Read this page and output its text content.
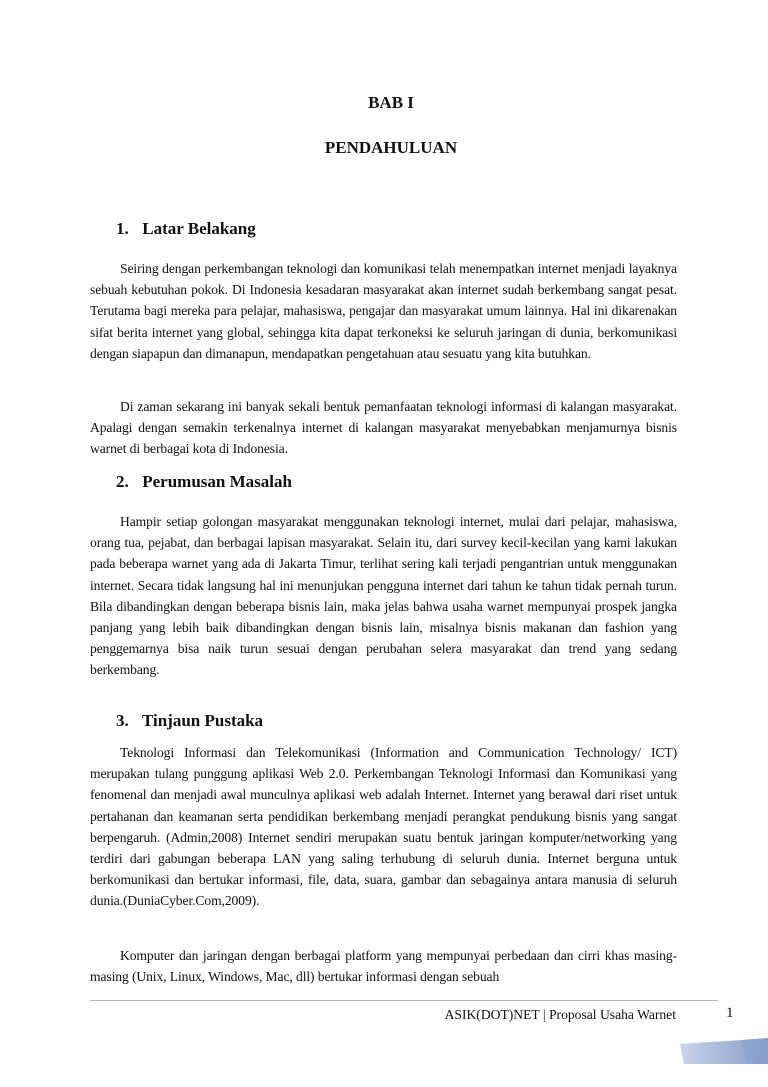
BAB I
PENDAHULUAN
1. Latar Belakang

Seiring dengan perkembangan teknologi dan komunikasi telah menempatkan internet menjadi layaknya sebuah kebutuhan pokok. Di Indonesia kesadaran masyarakat akan internet sudah berkembang sangat pesat. Terutama bagi mereka para pelajar, mahasiswa, pengajar dan masyarakat umum lainnya. Hal ini dikarenakan sifat berita internet yang global, sehingga kita dapat terkoneksi ke seluruh jaringan di dunia, berkomunikasi dengan siapapun dan dimanapun, mendapatkan pengetahuan atau sesuatu yang kita butuhkan.

Di zaman sekarang ini banyak sekali bentuk pemanfaatan teknologi informasi di kalangan masyarakat. Apalagi dengan semakin terkenalnya internet di kalangan masyarakat menyebabkan menjamurnya bisnis warnet di berbagai kota di Indonesia.

2. Perumusan Masalah

Hampir setiap golongan masyarakat menggunakan teknologi internet, mulai dari pelajar, mahasiswa, orang tua, pejabat, dan berbagai lapisan masyarakat. Selain itu, dari survey kecil-kecilan yang kami lakukan pada beberapa warnet yang ada di Jakarta Timur, terlihat sering kali terjadi pengantrian untuk menggunakan internet. Secara tidak langsung hal ini menunjukan pengguna internet dari tahun ke tahun tidak pernah turun. Bila dibandingkan dengan beberapa bisnis lain, maka jelas bahwa usaha warnet mempunyai prospek jangka panjang yang lebih baik dibandingkan dengan bisnis lain, misalnya bisnis makanan dan fashion yang penggemarnya bisa naik turun sesuai dengan perubahan selera masyarakat dan trend yang sedang berkembang.

3. Tinjaun Pustaka

Teknologi Informasi dan Telekomunikasi (Information and Communication Technology/ ICT) merupakan tulang punggung aplikasi Web 2.0. Perkembangan Teknologi Informasi dan Komunikasi yang fenomenal dan menjadi awal munculnya aplikasi web adalah Internet. Internet yang berawal dari riset untuk pertahanan dan keamanan serta pendidikan berkembang menjadi perangkat pendukung bisnis yang sangat berpengaruh. (Admin,2008) Internet sendiri merupakan suatu bentuk jaringan komputer/networking yang terdiri dari gabungan beberapa LAN yang saling terhubung di seluruh dunia. Internet berguna untuk berkomunikasi dan bertukar informasi, file, data, suara, gambar dan sebagainya antara manusia di seluruh dunia.(DuniaCyber.Com,2009).

Komputer dan jaringan dengan berbagai platform yang mempunyai perbedaan dan cirri khas masing-masing (Unix, Linux, Windows, Mac, dll) bertukar informasi dengan sebuah

ASIK(DOT)NET | Proposal Usaha Warnet	1
